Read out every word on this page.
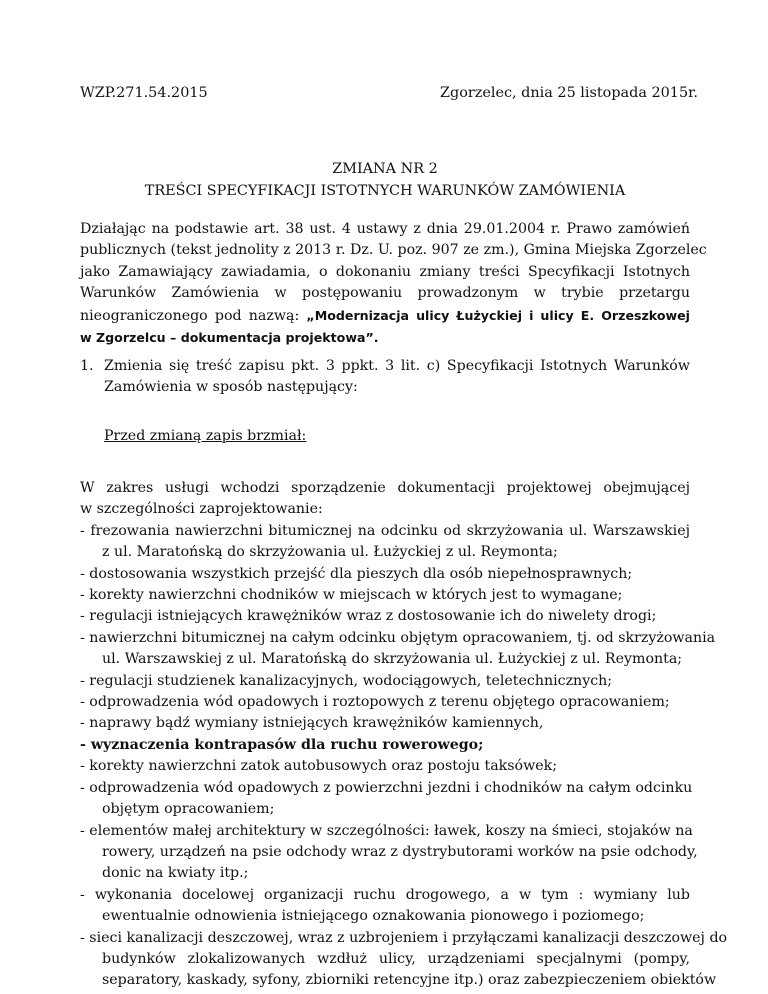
WZP.271.54.2015	Zgorzelec, dnia 25 listopada 2015r.
ZMIANA NR 2
TREŚCI SPECYFIKACJI ISTOTNYCH WARUNKÓW ZAMÓWIENIA
Działając na podstawie art. 38 ust. 4 ustawy z dnia 29.01.2004 r. Prawo zamówień
publicznych (tekst jednolity z 2013 r. Dz. U. poz. 907 ze zm.), Gmina Miejska Zgorzelec
jako Zamawiający zawiadamia, o dokonaniu zmiany treści Specyfikacji Istotnych
Warunków Zamówienia w postępowaniu prowadzonym w trybie przetargu
nieograniczonego pod nazwą: „Modernizacja ulicy Łużyckiej i ulicy E. Orzeszkowej
w Zgorzelcu – dokumentacja projektowa”.
1. Zmienia się treść zapisu pkt. 3 ppkt. 3 lit. c) Specyfikacji Istotnych Warunków
Zamówienia w sposób następujący:
Przed zmianą zapis brzmiał:
W zakres usługi wchodzi sporządzenie dokumentacji projektowej obejmującej
w szczególności zaprojektowanie:
- frezowania nawierzchni bitumicznej na odcinku od skrzyżowania ul. Warszawskiej
z ul. Maratońską do skrzyżowania ul. Łużyckiej z ul. Reymonta;
- dostosowania wszystkich przejść dla pieszych dla osób niepełnosprawnych;
- korekty nawierzchni chodników w miejscach w których jest to wymagane;
- regulacji istniejących krawężników wraz z dostosowanie ich do niwelety drogi;
- nawierzchni bitumicznej na całym odcinku objętym opracowaniem, tj. od skrzyżowania
ul. Warszawskiej z ul. Maratońską do skrzyżowania ul. Łużyckiej z ul. Reymonta;
- regulacji studzienek kanalizacyjnych, wodociągowych, teletechnicznych;
- odprowadzenia wód opadowych i roztopowych z terenu objętego opracowaniem;
- naprawy bądź wymiany istniejących krawężników kamiennych,
- wyznaczenia kontrapasów dla ruchu rowerowego;
- korekty nawierzchni zatok autobusowych oraz postoju taksówek;
- odprowadzenia wód opadowych z powierzchni jezdni i chodników na całym odcinku
objętym opracowaniem;
- elementów małej architektury w szczególności: ławek, koszy na śmieci, stojaków na
rowery, urządzeń na psie odchody wraz z dystrybutorami worków na psie odchody,
donic na kwiaty itp.;
- wykonania docelowej organizacji ruchu drogowego, a w tym : wymiany lub
ewentualnie odnowienia istniejącego oznakowania pionowego i poziomego;
- sieci kanalizacji deszczowej, wraz z uzbrojeniem i przyłączami kanalizacji deszczowej do
budynków zlokalizowanych wzdłuż ulicy, urządzeniami specjalnymi (pompy,
separatory, kaskady, syfony, zbiorniki retencyjne itp.) oraz zabezpieczeniem obiektów
